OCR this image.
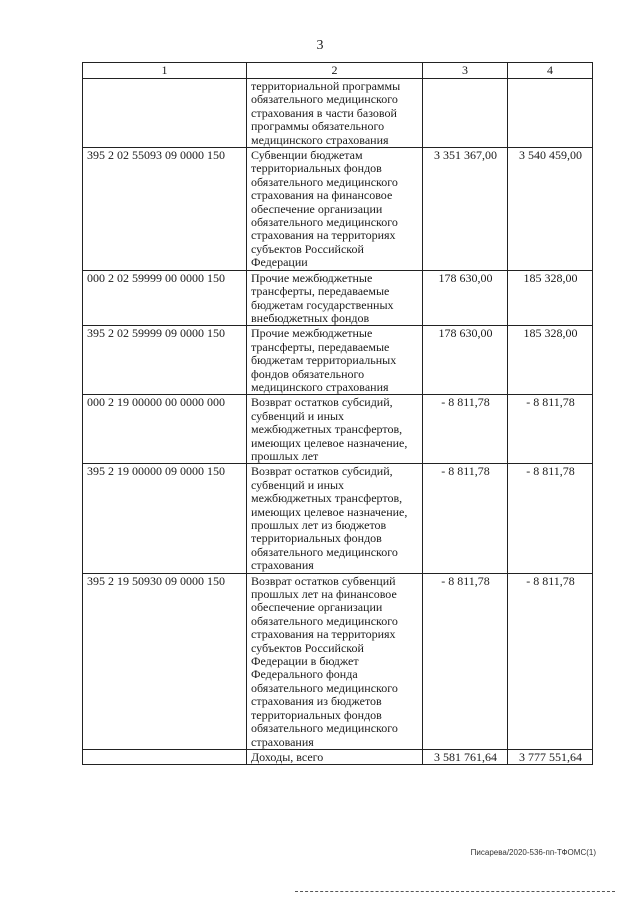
3
1	2	3	4
	территориальной программы обязательного медицинского страхования в части базовой программы обязательного медицинского страхования		
395 2 02 55093 09 0000 150	Субвенции бюджетам территориальных фондов обязательного медицинского страхования на финансовое обеспечение организации обязательного медицинского страхования на территориях субъектов Российской Федерации	3 351 367,00	3 540 459,00
000 2 02 59999 00 0000 150	Прочие межбюджетные трансферты, передаваемые бюджетам государственных внебюджетных фондов	178 630,00	185 328,00
395 2 02 59999 09 0000 150	Прочие межбюджетные трансферты, передаваемые бюджетам территориальных фондов обязательного медицинского страхования	178 630,00	185 328,00
000 2 19 00000 00 0000 000	Возврат остатков субсидий, субвенций и иных межбюджетных трансфертов, имеющих целевое назначение, прошлых лет	- 8 811,78	- 8 811,78
395 2 19 00000 09 0000 150	Возврат остатков субсидий, субвенций и иных межбюджетных трансфертов, имеющих целевое назначение, прошлых лет из бюджетов территориальных фондов обязательного медицинского страхования	- 8 811,78	- 8 811,78
395 2 19 50930 09 0000 150	Возврат остатков субвенций прошлых лет на финансовое обеспечение организации обязательного медицинского страхования на территориях субъектов Российской Федерации в бюджет Федерального фонда обязательного медицинского страхования из бюджетов территориальных фондов обязательного медицинского страхования	- 8 811,78	- 8 811,78
	Доходы, всего	3 581 761,64	3 777 551,64
Писарева/2020-536-пп-ТФОМС(1)
